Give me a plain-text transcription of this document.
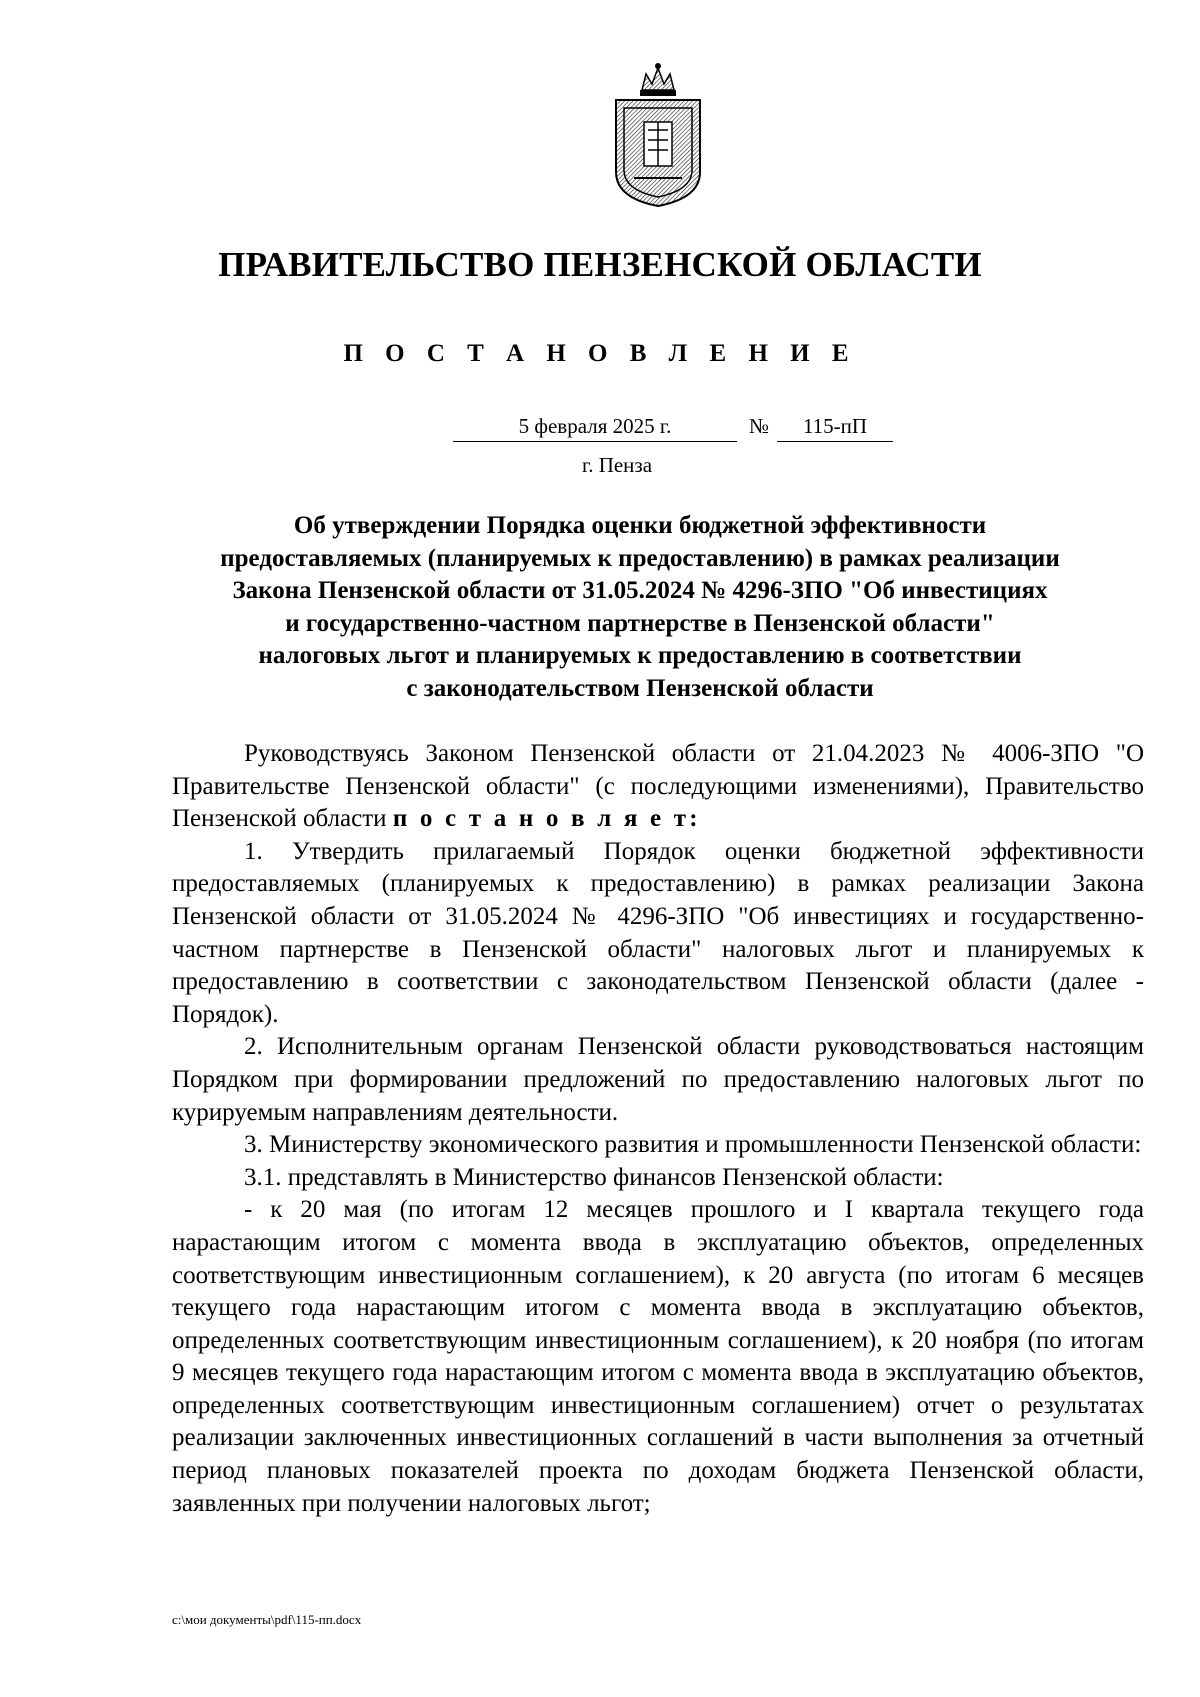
ПРАВИТЕЛЬСТВО ПЕНЗЕНСКОЙ ОБЛАСТИ
П О С Т А Н О В Л Е Н И Е
5 февраля 2025 г.	№	115-пП
г. Пенза
Об утверждении Порядка оценки бюджетной эффективности
предоставляемых (планируемых к предоставлению) в рамках реализации
Закона Пензенской области от 31.05.2024 № 4296-ЗПО "Об инвестициях
и государственно-частном партнерстве в Пензенской области"
налоговых льгот и планируемых к предоставлению в соответствии
с законодательством Пензенской области

Руководствуясь Законом Пензенской области от 21.04.2023 № 4006-ЗПО "О Правительстве Пензенской области" (с последующими изменениями), Правительство Пензенской области п о с т а н о в л я е т:

1. Утвердить прилагаемый Порядок оценки бюджетной эффективности предоставляемых (планируемых к предоставлению) в рамках реализации Закона Пензенской области от 31.05.2024 № 4296-ЗПО "Об инвестициях и государственно-частном партнерстве в Пензенской области" налоговых льгот и планируемых к предоставлению в соответствии с законодательством Пензенской области (далее - Порядок).

2. Исполнительным органам Пензенской области руководствоваться настоящим Порядком при формировании предложений по предоставлению налоговых льгот по курируемым направлениям деятельности.

3. Министерству экономического развития и промышленности Пензенской области:

3.1. представлять в Министерство финансов Пензенской области:

- к 20 мая (по итогам 12 месяцев прошлого и I квартала текущего года нарастающим итогом с момента ввода в эксплуатацию объектов, определенных соответствующим инвестиционным соглашением), к 20 августа (по итогам 6 месяцев текущего года нарастающим итогом с момента ввода в эксплуатацию объектов, определенных соответствующим инвестиционным соглашением), к 20 ноября (по итогам 9 месяцев текущего года нарастающим итогом с момента ввода в эксплуатацию объектов, определенных соответствующим инвестиционным соглашением) отчет о результатах реализации заключенных инвестиционных соглашений в части выполнения за отчетный период плановых показателей проекта по доходам бюджета Пензенской области, заявленных при получении налоговых льгот;

c:\мои документы\pdf\115-пп.docx
